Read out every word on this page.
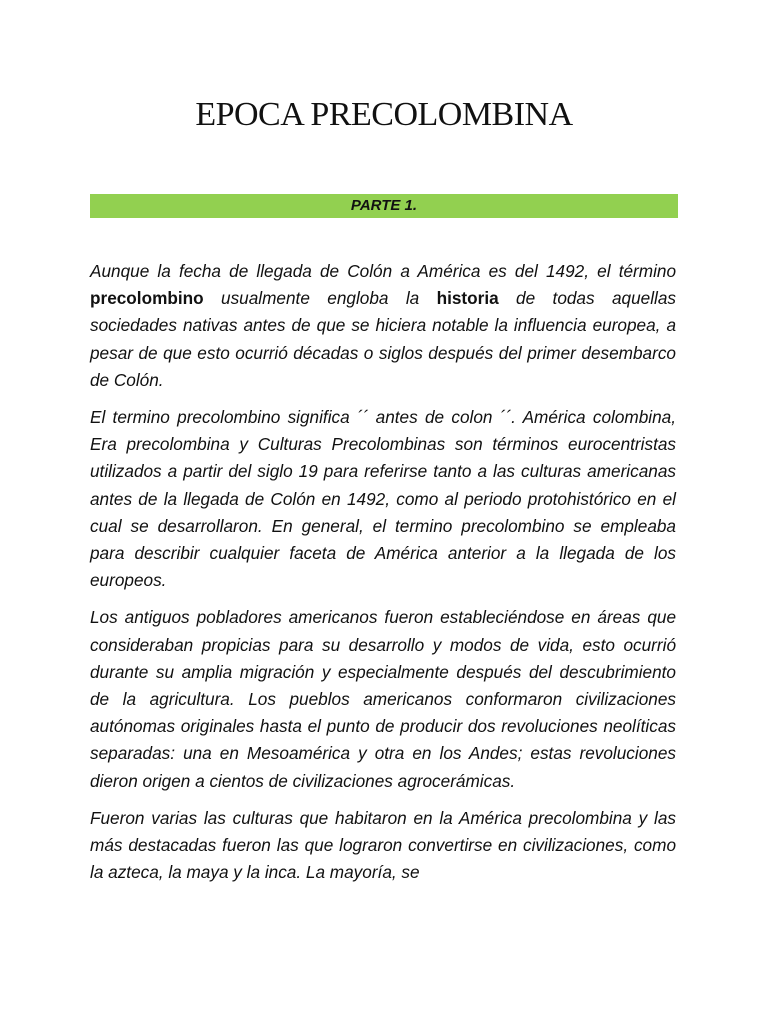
EPOCA PRECOLOMBINA
PARTE 1.

Aunque la fecha de llegada de Colón a América es del 1492, el término precolombino usualmente engloba la historia de todas aquellas sociedades nativas antes de que se hiciera notable la influencia europea, a pesar de que esto ocurrió décadas o siglos después del primer desembarco de Colón.

El termino precolombino significa ´´ antes de colon ´´. América colombina, Era precolombina y Culturas Precolombinas son términos eurocentristas utilizados a partir del siglo 19 para referirse tanto a las culturas americanas antes de la llegada de Colón en 1492, como al periodo protohistórico en el cual se desarrollaron. En general, el termino precolombino se empleaba para describir cualquier faceta de América anterior a la llegada de los europeos.

Los antiguos pobladores americanos fueron estableciéndose en áreas que consideraban propicias para su desarrollo y modos de vida, esto ocurrió durante su amplia migración y especialmente después del descubrimiento de la agricultura. Los pueblos americanos conformaron civilizaciones autónomas originales hasta el punto de producir dos revoluciones neolíticas separadas: una en Mesoamérica y otra en los Andes; estas revoluciones dieron origen a cientos de civilizaciones agrocerámicas.

Fueron varias las culturas que habitaron en la América precolombina y las más destacadas fueron las que lograron convertirse en civilizaciones, como la azteca, la maya y la inca. La mayoría, se
